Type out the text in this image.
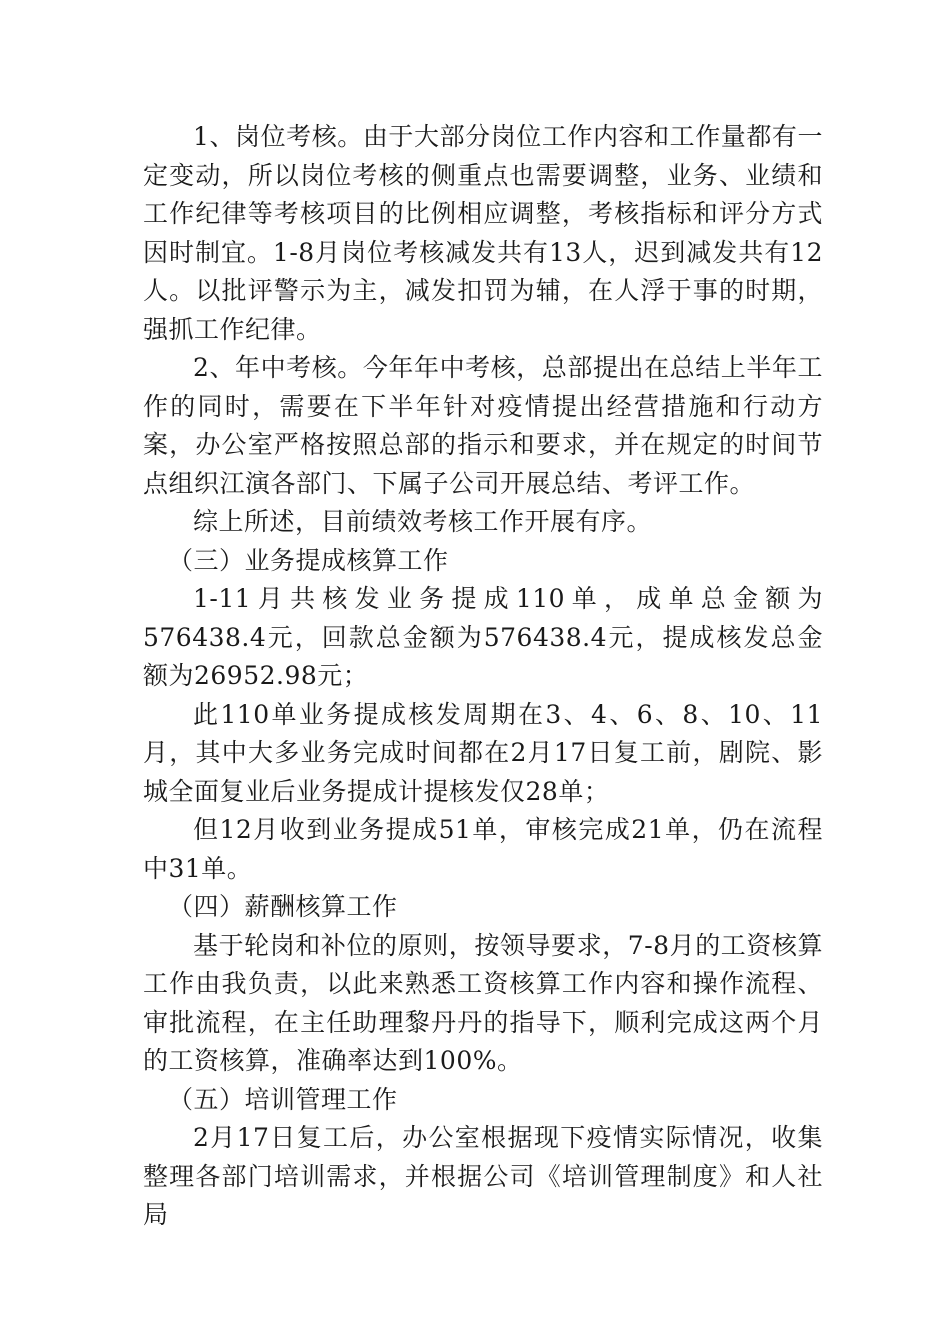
1、岗位考核。由于大部分岗位工作内容和工作量都有一定变动，所以岗位考核的侧重点也需要调整，业务、业绩和工作纪律等考核项目的比例相应调整，考核指标和评分方式因时制宜。1-8月岗位考核减发共有13人，迟到减发共有12人。以批评警示为主，减发扣罚为辅，在人浮于事的时期，强抓工作纪律。

2、年中考核。今年年中考核，总部提出在总结上半年工作的同时，需要在下半年针对疫情提出经营措施和行动方案，办公室严格按照总部的指示和要求，并在规定的时间节点组织江演各部门、下属子公司开展总结、考评工作。

综上所述，目前绩效考核工作开展有序。

（三）业务提成核算工作

1-11月共核发业务提成110单，成单总金额为576438.4元，回款总金额为576438.4元，提成核发总金额为26952.98元；

此110单业务提成核发周期在3、4、6、8、10、11月，其中大多业务完成时间都在2月17日复工前，剧院、影城全面复业后业务提成计提核发仅28单；

但12月收到业务提成51单，审核完成21单，仍在流程中31单。

（四）薪酬核算工作

基于轮岗和补位的原则，按领导要求，7-8月的工资核算工作由我负责，以此来熟悉工资核算工作内容和操作流程、审批流程，在主任助理黎丹丹的指导下，顺利完成这两个月的工资核算，准确率达到100%。

（五）培训管理工作

2月17日复工后，办公室根据现下疫情实际情况，收集整理各部门培训需求，并根据公司《培训管理制度》和人社局
